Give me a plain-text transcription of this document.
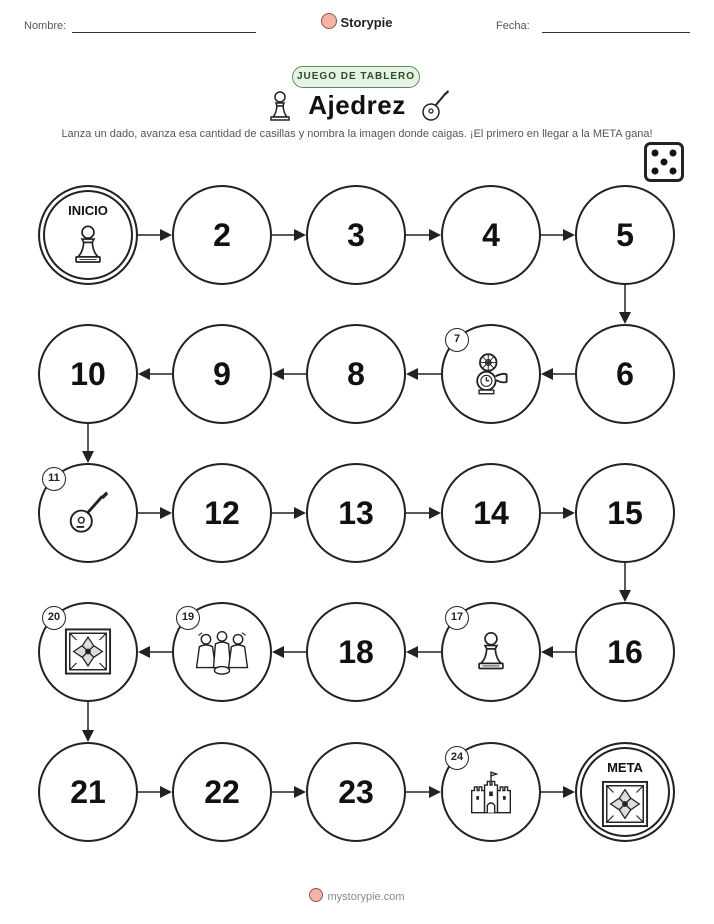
Nombre:	Storypie	Fecha:
JUEGO DE TABLERO
Ajedrez
Lanza un dado, avanza esa cantidad de casillas y nombra la imagen donde caigas. ¡El primero en llegar a la META gana!
INICIO
2	3	4	5
6
7
8
9
10
11
12	13	14	15
16
17
18
19
20
21	22	23
24
META
mystorypie.com
